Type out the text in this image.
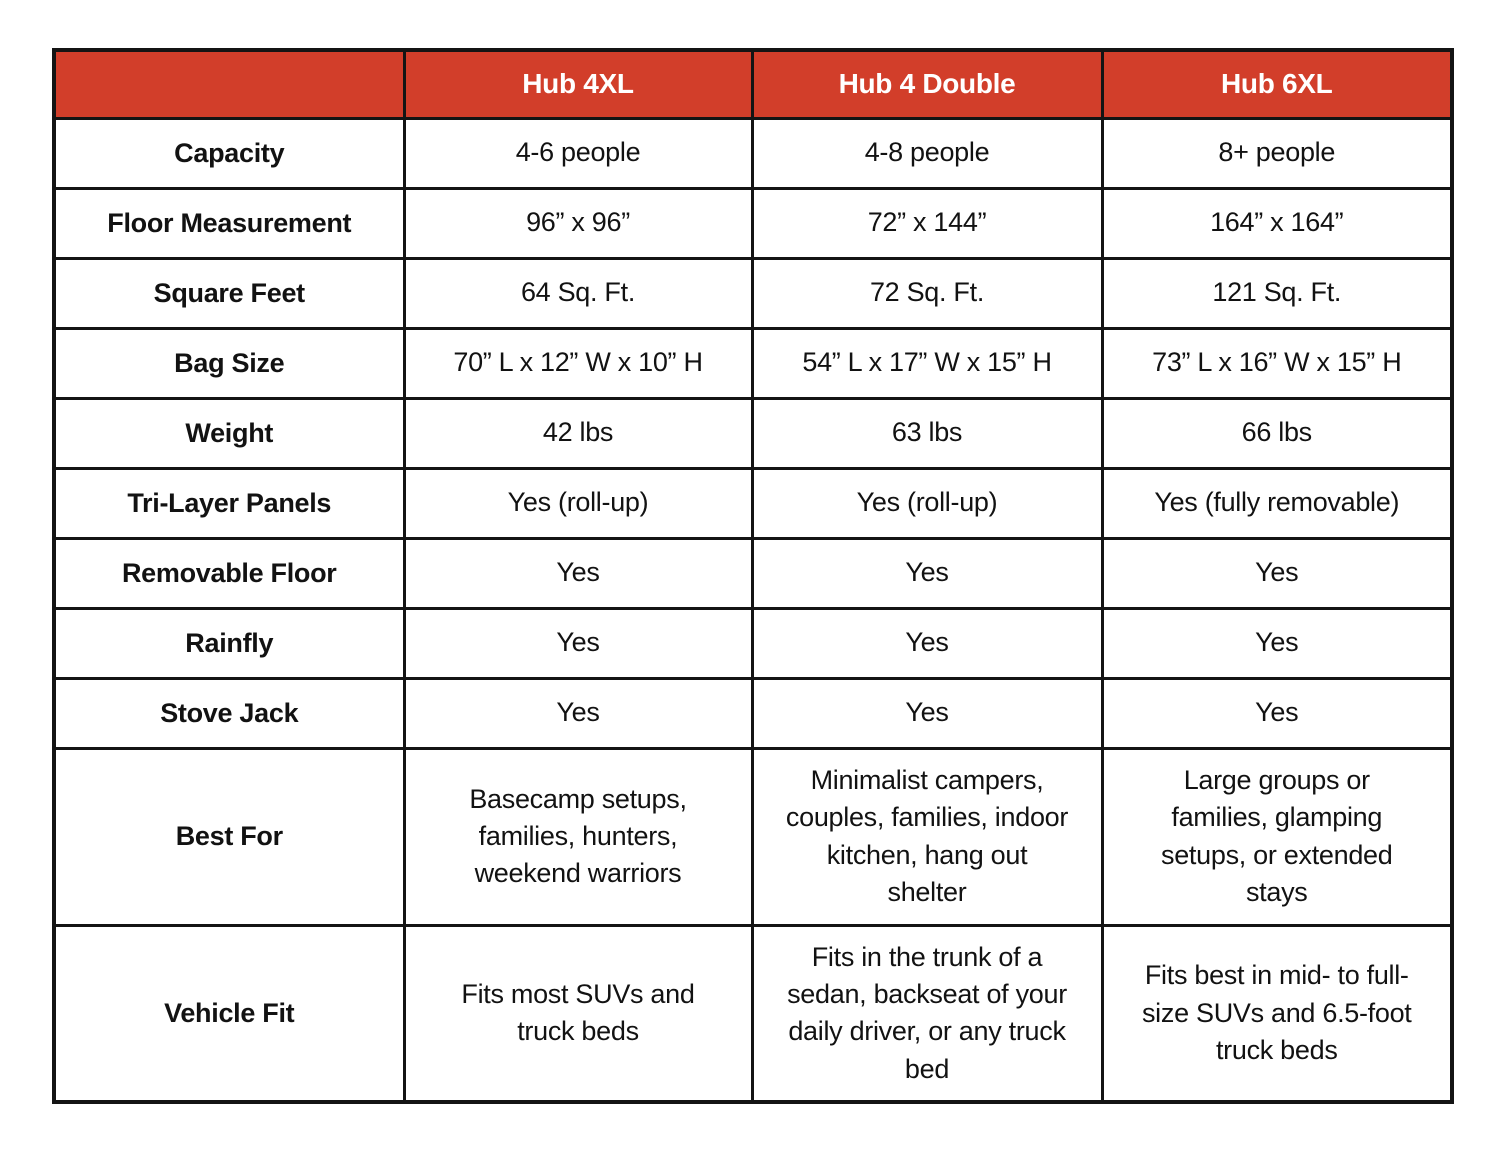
	Hub 4XL	Hub 4 Double	Hub 6XL
Capacity	4-6 people	4-8 people	8+ people
Floor Measurement	96” x 96”	72” x 144”	164” x 164”
Square Feet	64 Sq. Ft.	72 Sq. Ft.	121 Sq. Ft.
Bag Size	70” L x 12” W x 10” H	54” L x 17” W x 15” H	73” L x 16” W x 15” H
Weight	42 lbs	63 lbs	66 lbs
Tri-Layer Panels	Yes (roll-up)	Yes (roll-up)	Yes (fully removable)
Removable Floor	Yes	Yes	Yes
Rainfly	Yes	Yes	Yes
Stove Jack	Yes	Yes	Yes
Best For	Basecamp setups, families, hunters, weekend warriors	Minimalist campers, couples, families, indoor kitchen, hang out shelter	Large groups or families, glamping setups, or extended stays
Vehicle Fit	Fits most SUVs and truck beds	Fits in the trunk of a sedan, backseat of your daily driver, or any truck bed	Fits best in mid- to full-size SUVs and 6.5-foot truck beds
